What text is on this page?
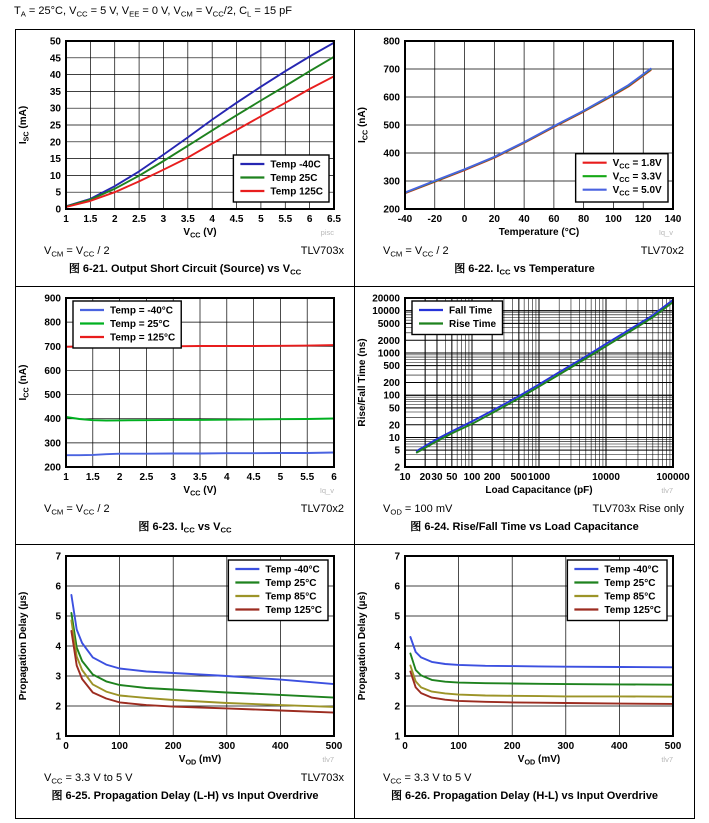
$T_A = 25^\circ C$, $V_{CC} = 5$ V, $V_{EE} = 0$ V, $V_{CM} = V_{CC}/2$, $C_L = 15$ pF
1 1.5 2 2.5 3 3.5 4 4.5 5 5.5 6 6.5
0
5
10
15
20
25
30
35
40
45
50
$V_{CC}$ (V)
$I_{SC}$ (mA)
pisc
Temp -40C
Temp 25C
Temp 125C
$V_{CM} = V_{CC} / 2$	TLV703x
图 6-21. Output Short Circuit (Source) vs $V_{CC}$
-40 -20 0 20 40 60 80 100 120 140
200
300
400
500
600
700
800
Temperature (°C)
$I_{CC}$ (nA)
Iq_v
$V_{CC} = 1.8V$
$V_{CC} = 3.3V$
$V_{CC} = 5.0V$
$V_{CM} = V_{CC} / 2$	TLV70x2
图 6-22. $I_{CC}$ vs Temperature
1 1.5 2 2.5 3 3.5 4 4.5 5 5.5 6
200
300
400
500
600
700
800
900
$V_{CC}$ (V)
$I_{CC}$ (nA)
Iq_v
Temp = -40°C
Temp = 25°C
Temp = 125°C
$V_{CM} = V_{CC} / 2$	TLV70x2
图 6-23. $I_{CC}$ vs $V_{CC}$
10 20 30 50 100 200 500 1000	10000	100000
2
5
10
20
50
100
200
500
1000
2000
5000
10000
20000
Load Capacitance (pF)
Rise/Fall Time (ns)
tlv7
Fall Time
Rise Time
$V_{OD} = 100$ mV	TLV703x Rise only
图 6-24. Rise/Fall Time vs Load Capacitance
0	100	200	300	400	500
1
2
3
4
5
6
7
$V_{OD}$ (mV)
Propagation Delay (µs)
tlv7
Temp -40°C
Temp 25°C
Temp 85°C
Temp 125°C
$V_{CC} = 3.3$ V to 5 V	TLV703x
图 6-25. Propagation Delay (L-H) vs Input Overdrive
0	100	200	300	400	500
1
2
3
4
5
6
7
$V_{OD}$ (mV)
Propagation Delay (µs)
tlv7
Temp -40°C
Temp 25°C
Temp 85°C
Temp 125°C
$V_{CC} = 3.3$ V to 5 V
图 6-26. Propagation Delay (H-L) vs Input Overdrive
